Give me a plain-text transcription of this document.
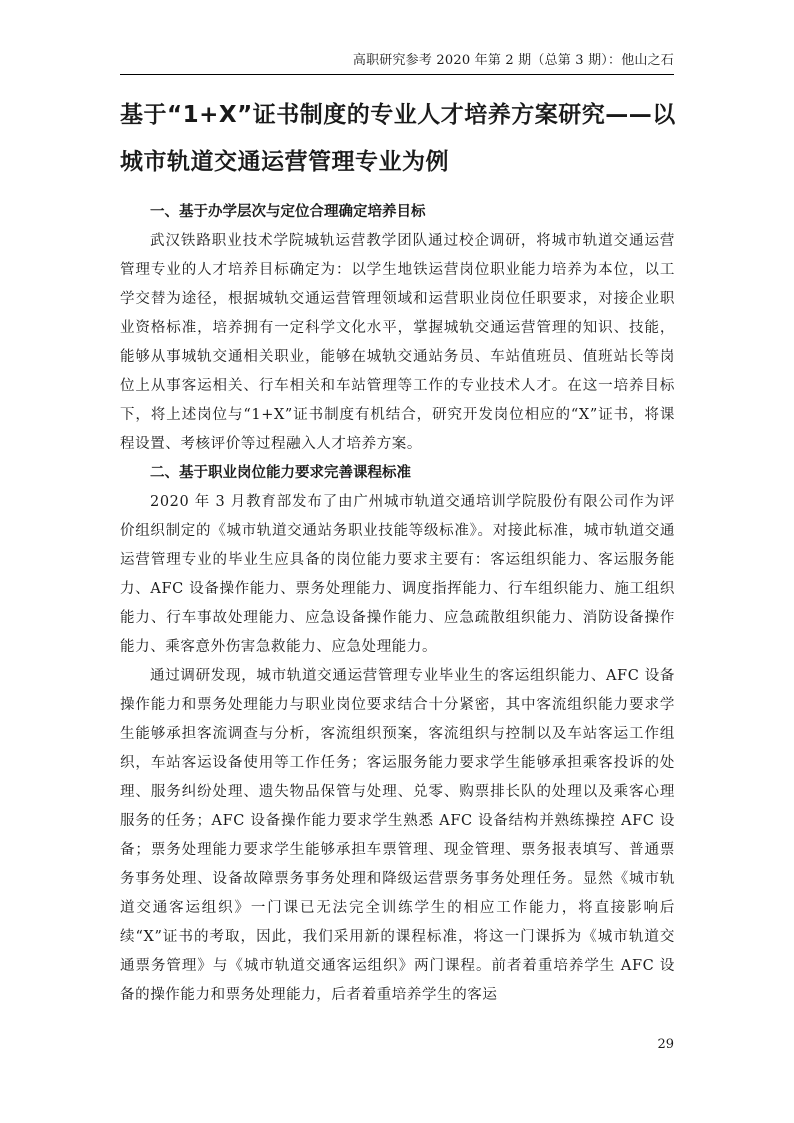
高职研究参考 2020 年第 2 期（总第 3 期）：他山之石
基于“1+X”证书制度的专业人才培养方案研究——以城市轨道交通运营管理专业为例
一、基于办学层次与定位合理确定培养目标

武汉铁路职业技术学院城轨运营教学团队通过校企调研，将城市轨道交通运营管理专业的人才培养目标确定为：以学生地铁运营岗位职业能力培养为本位，以工学交替为途径，根据城轨交通运营管理领域和运营职业岗位任职要求，对接企业职业资格标准，培养拥有一定科学文化水平，掌握城轨交通运营管理的知识、技能，能够从事城轨交通相关职业，能够在城轨交通站务员、车站值班员、值班站长等岗位上从事客运相关、行车相关和车站管理等工作的专业技术人才。在这一培养目标下，将上述岗位与“1+X”证书制度有机结合，研究开发岗位相应的“X”证书，将课程设置、考核评价等过程融入人才培养方案。

二、基于职业岗位能力要求完善课程标准

2020 年 3 月教育部发布了由广州城市轨道交通培训学院股份有限公司作为评价组织制定的《城市轨道交通站务职业技能等级标准》。对接此标准，城市轨道交通运营管理专业的毕业生应具备的岗位能力要求主要有：客运组织能力、客运服务能力、AFC 设备操作能力、票务处理能力、调度指挥能力、行车组织能力、施工组织能力、行车事故处理能力、应急设备操作能力、应急疏散组织能力、消防设备操作能力、乘客意外伤害急救能力、应急处理能力。

通过调研发现，城市轨道交通运营管理专业毕业生的客运组织能力、AFC 设备操作能力和票务处理能力与职业岗位要求结合十分紧密，其中客流组织能力要求学生能够承担客流调查与分析，客流组织预案，客流组织与控制以及车站客运工作组织，车站客运设备使用等工作任务；客运服务能力要求学生能够承担乘客投诉的处理、服务纠纷处理、遗失物品保管与处理、兑零、购票排长队的处理以及乘客心理服务的任务；AFC 设备操作能力要求学生熟悉 AFC 设备结构并熟练操控 AFC 设备；票务处理能力要求学生能够承担车票管理、现金管理、票务报表填写、普通票务事务处理、设备故障票务事务处理和降级运营票务事务处理任务。显然《城市轨道交通客运组织》一门课已无法完全训练学生的相应工作能力，将直接影响后续“X”证书的考取，因此，我们采用新的课程标准，将这一门课拆为《城市轨道交通票务管理》与《城市轨道交通客运组织》两门课程。前者着重培养学生 AFC 设备的操作能力和票务处理能力，后者着重培养学生的客运

29
